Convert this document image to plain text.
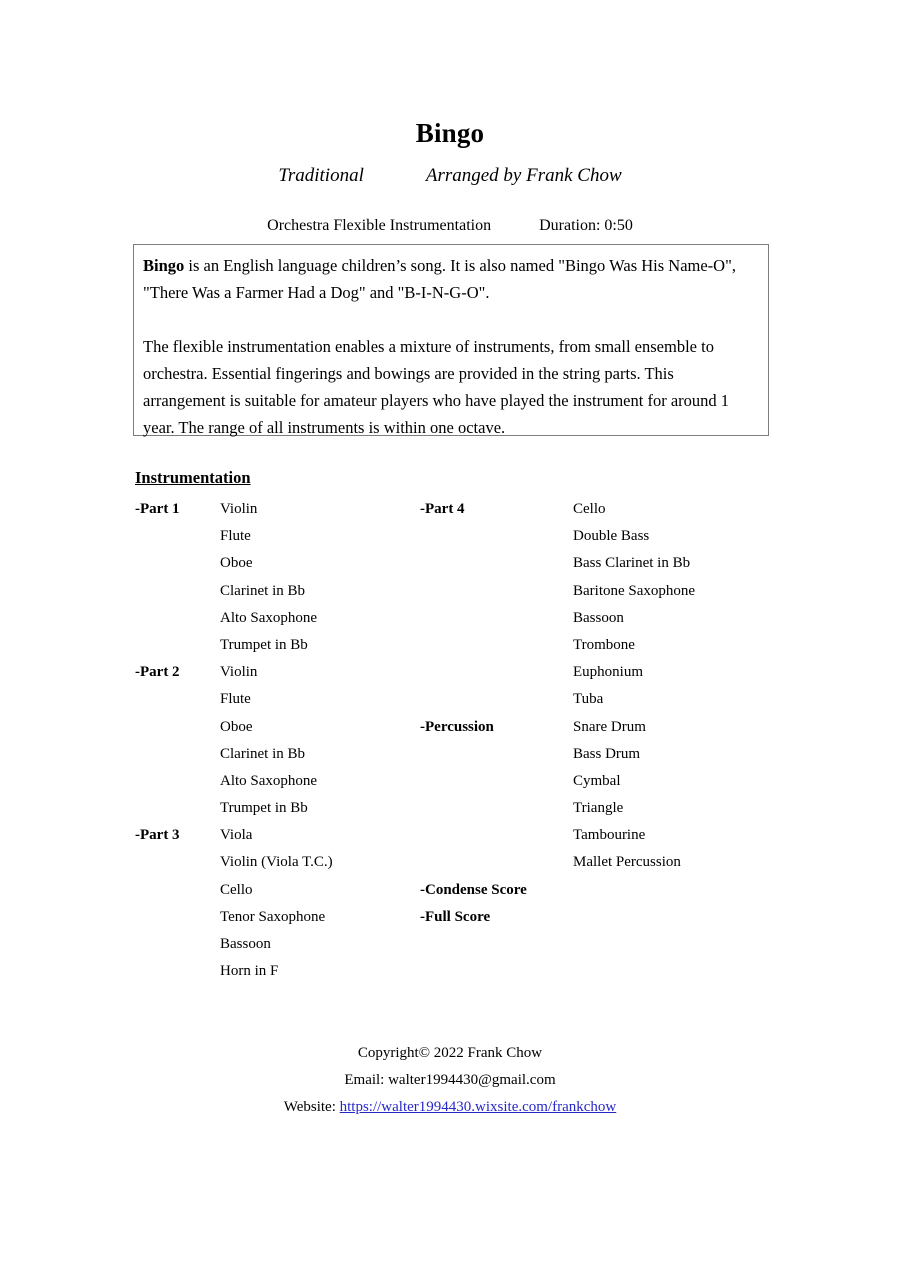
Bingo
Traditional	Arranged by Frank Chow
Orchestra Flexible Instrumentation	Duration: 0:50

Bingo is an English language children’s song. It is also named "Bingo Was His Name-O", "There Was a Farmer Had a Dog" and "B-I-N-G-O".

The flexible instrumentation enables a mixture of instruments, from small ensemble to orchestra. Essential fingerings and bowings are provided in the string parts. This arrangement is suitable for amateur players who have played the instrument for around 1 year. The range of all instruments is within one octave.

Instrumentation
-Part 1	Violin
Flute
Oboe
Clarinet in Bb
Alto Saxophone
Trumpet in Bb
-Part 2	Violin
Flute
Oboe
Clarinet in Bb
Alto Saxophone
Trumpet in Bb
-Part 3	Viola
Violin (Viola T.C.)
Cello
Tenor Saxophone
Bassoon
Horn in F
-Part 4	Cello
Double Bass
Bass Clarinet in Bb
Baritone Saxophone
Bassoon
Trombone
Euphonium
Tuba
-Percussion	Snare Drum
Bass Drum
Cymbal
Triangle
Tambourine
Mallet Percussion
-Condense Score
-Full Score
Copyright© 2022 Frank Chow
Email: walter1994430@gmail.com
Website: https://walter1994430.wixsite.com/frankchow
